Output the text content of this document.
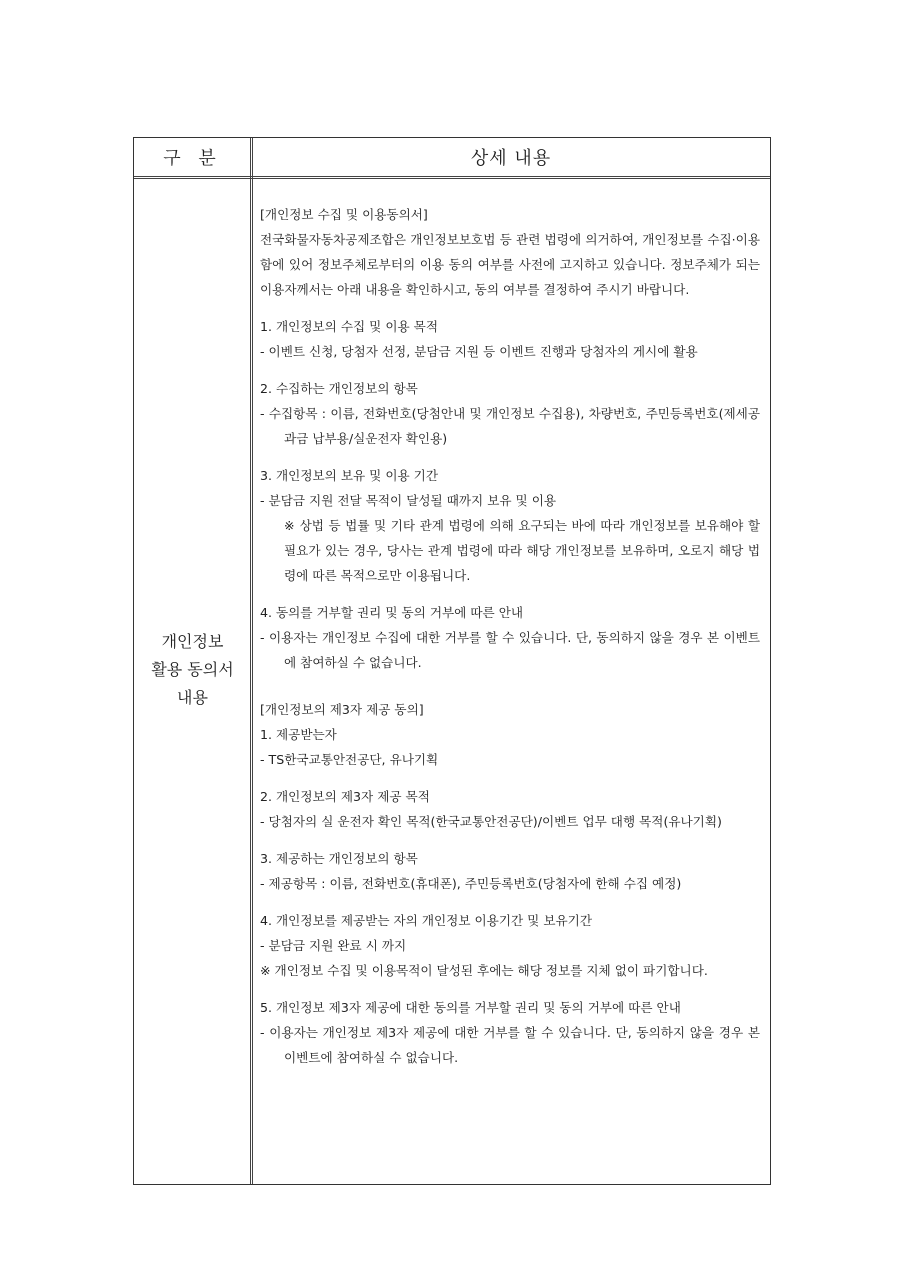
구 분	상세 내용
개인정보
활용 동의서
내용

[개인정보 수집 및 이용동의서]

전국화물자동차공제조합은 개인정보보호법 등 관련 법령에 의거하여, 개인정보를 수집·이용함에 있어 정보주체로부터의 이용 동의 여부를 사전에 고지하고 있습니다. 정보주체가 되는 이용자께서는 아래 내용을 확인하시고, 동의 여부를 결정하여 주시기 바랍니다.

1. 개인정보의 수집 및 이용 목적

- 이벤트 신청, 당첨자 선정, 분담금 지원 등 이벤트 진행과 당첨자의 게시에 활용

2. 수집하는 개인정보의 항목

- 수집항목 : 이름, 전화번호(당첨안내 및 개인정보 수집용), 차량번호, 주민등록번호(제세공과금 납부용/실운전자 확인용)

3. 개인정보의 보유 및 이용 기간

- 분담금 지원 전달 목적이 달성될 때까지 보유 및 이용

※ 상법 등 법률 및 기타 관계 법령에 의해 요구되는 바에 따라 개인정보를 보유해야 할 필요가 있는 경우, 당사는 관계 법령에 따라 해당 개인정보를 보유하며, 오로지 해당 법령에 따른 목적으로만 이용됩니다.

4. 동의를 거부할 권리 및 동의 거부에 따른 안내

- 이용자는 개인정보 수집에 대한 거부를 할 수 있습니다. 단, 동의하지 않을 경우 본 이벤트에 참여하실 수 없습니다.

[개인정보의 제3자 제공 동의]

1. 제공받는자

- TS한국교통안전공단, 유나기획

2. 개인정보의 제3자 제공 목적

- 당첨자의 실 운전자 확인 목적(한국교통안전공단)/이벤트 업무 대행 목적(유나기획)

3. 제공하는 개인정보의 항목

- 제공항목 : 이름, 전화번호(휴대폰), 주민등록번호(당첨자에 한해 수집 예정)

4. 개인정보를 제공받는 자의 개인정보 이용기간 및 보유기간

- 분담금 지원 완료 시 까지

※ 개인정보 수집 및 이용목적이 달성된 후에는 해당 정보를 지체 없이 파기합니다.

5. 개인정보 제3자 제공에 대한 동의를 거부할 권리 및 동의 거부에 따른 안내

- 이용자는 개인정보 제3자 제공에 대한 거부를 할 수 있습니다. 단, 동의하지 않을 경우 본 이벤트에 참여하실 수 없습니다.
